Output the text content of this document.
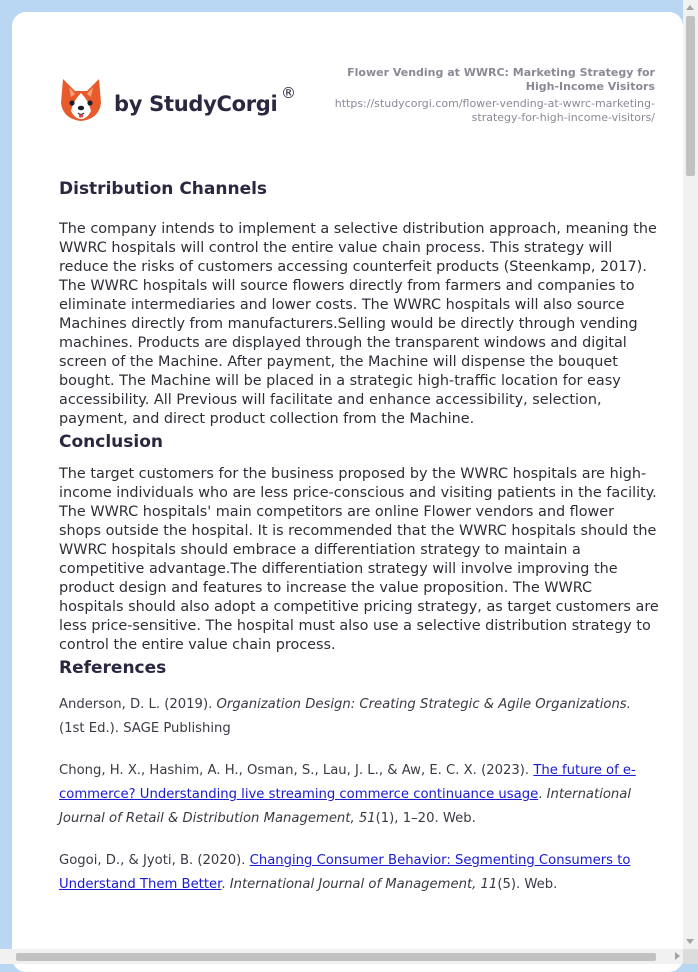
by StudyCorgi ®
Flower Vending at WWRC: Marketing Strategy for High-Income Visitors
https://studycorgi.com/flower-vending-at-wwrc-marketing-strategy-for-high-income-visitors/
Distribution Channels

The company intends to implement a selective distribution approach, meaning the WWRC hospitals will control the entire value chain process. This strategy will reduce the risks of customers accessing counterfeit products (Steenkamp, 2017). The WWRC hospitals will source flowers directly from farmers and companies to eliminate intermediaries and lower costs. The WWRC hospitals will also source Machines directly from manufacturers.Selling would be directly through vending machines. Products are displayed through the transparent windows and digital screen of the Machine. After payment, the Machine will dispense the bouquet bought. The Machine will be placed in a strategic high-traffic location for easy accessibility. All Previous will facilitate and enhance accessibility, selection, payment, and direct product collection from the Machine.

Conclusion

The target customers for the business proposed by the WWRC hospitals are high-income individuals who are less price-conscious and visiting patients in the facility. The WWRC hospitals' main competitors are online Flower vendors and flower shops outside the hospital. It is recommended that the WWRC hospitals should the WWRC hospitals should embrace a differentiation strategy to maintain a competitive advantage.The differentiation strategy will involve improving the product design and features to increase the value proposition. The WWRC hospitals should also adopt a competitive pricing strategy, as target customers are less price-sensitive. The hospital must also use a selective distribution strategy to control the entire value chain process.

References

Anderson, D. L. (2019). Organization Design: Creating Strategic & Agile Organizations. (1st Ed.). SAGE Publishing

Chong, H. X., Hashim, A. H., Osman, S., Lau, J. L., & Aw, E. C. X. (2023). The future of e-commerce? Understanding live streaming commerce continuance usage. International Journal of Retail & Distribution Management, 51(1), 1–20. Web.

Gogoi, D., & Jyoti, B. (2020). Changing Consumer Behavior: Segmenting Consumers to Understand Them Better. International Journal of Management, 11(5). Web.
